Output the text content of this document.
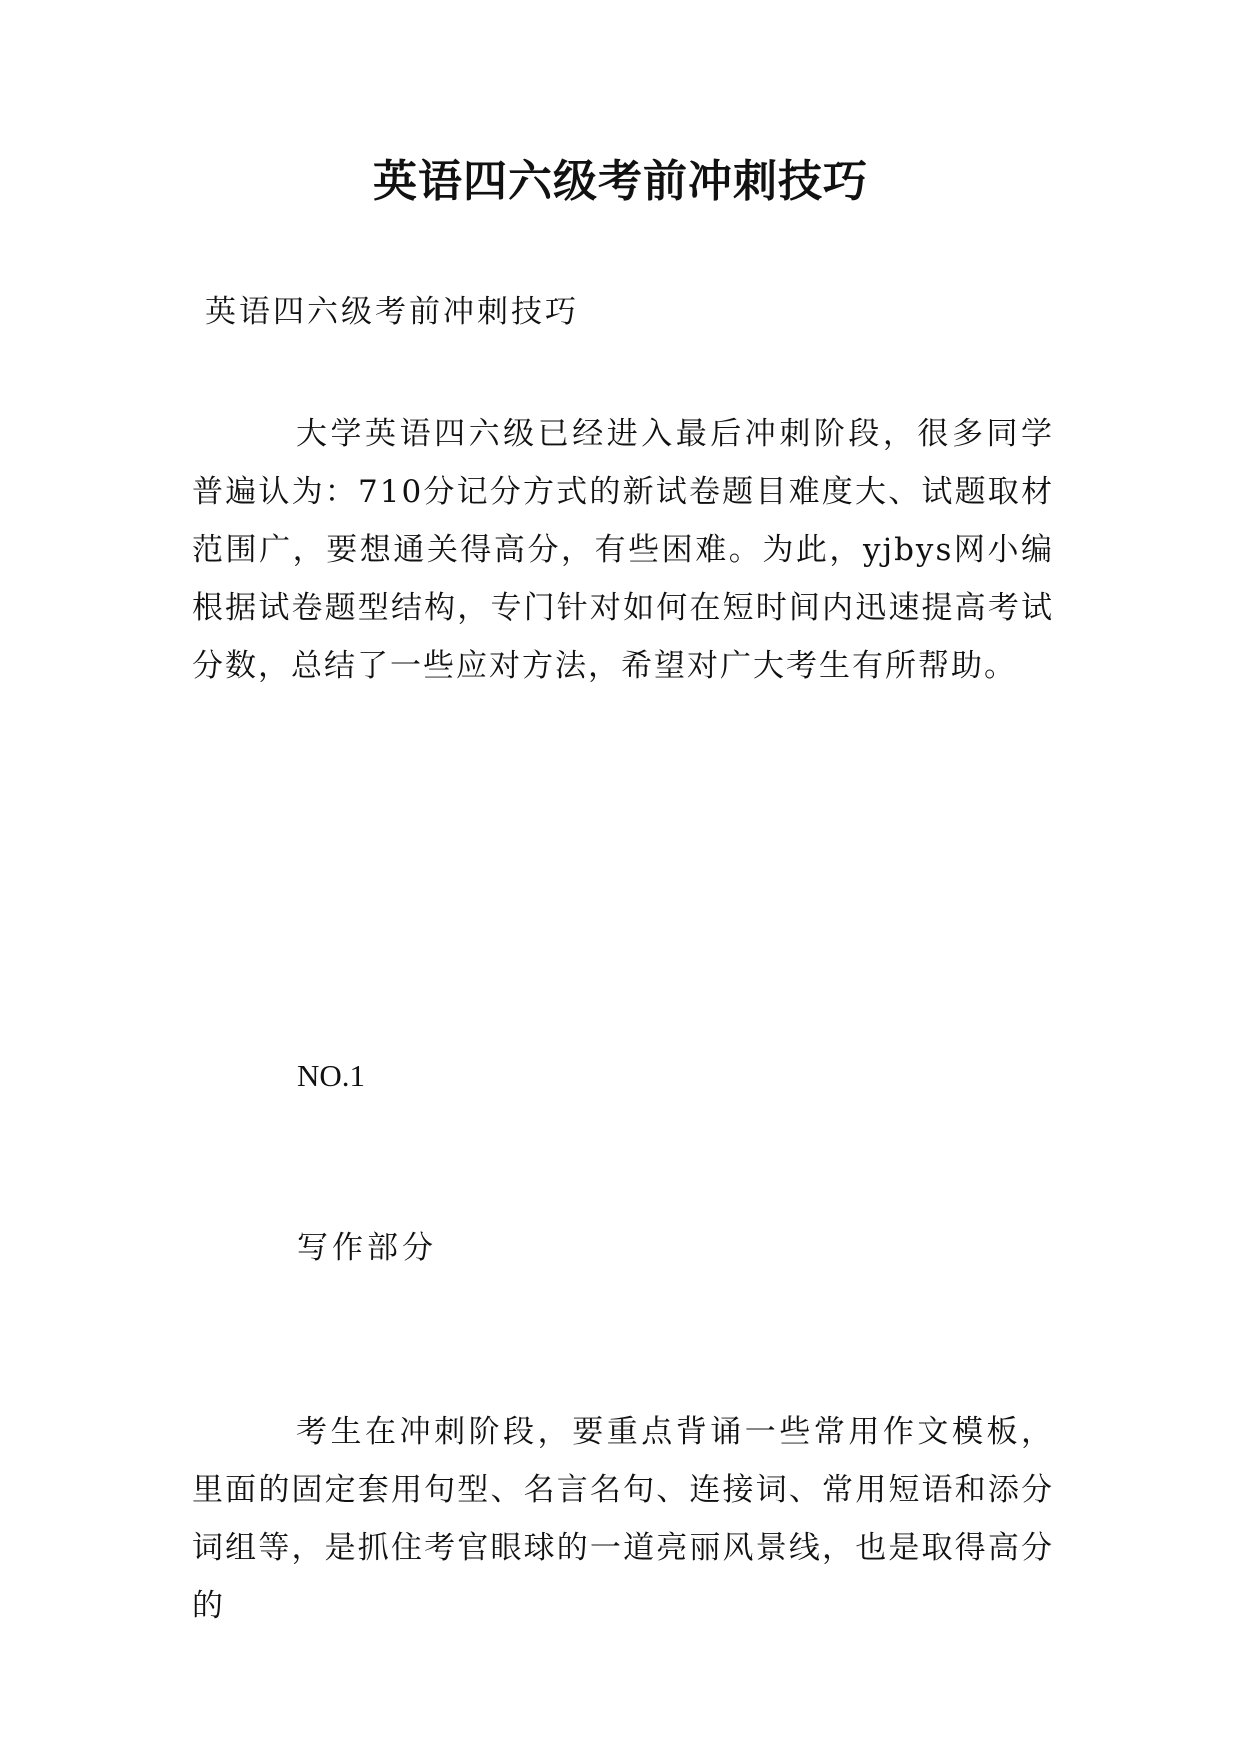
英语四六级考前冲刺技巧
英语四六级考前冲刺技巧

大学英语四六级已经进入最后冲刺阶段，很多同学普遍认为：710分记分方式的新试卷题目难度大、试题取材范围广，要想通关得高分，有些困难。为此，yjbys网小编根据试卷题型结构，专门针对如何在短时间内迅速提高考试分数，总结了一些应对方法，希望对广大考生有所帮助。

NO.1
写作部分

考生在冲刺阶段，要重点背诵一些常用作文模板，里面的固定套用句型、名言名句、连接词、常用短语和添分词组等，是抓住考官眼球的一道亮丽风景线，也是取得高分的
